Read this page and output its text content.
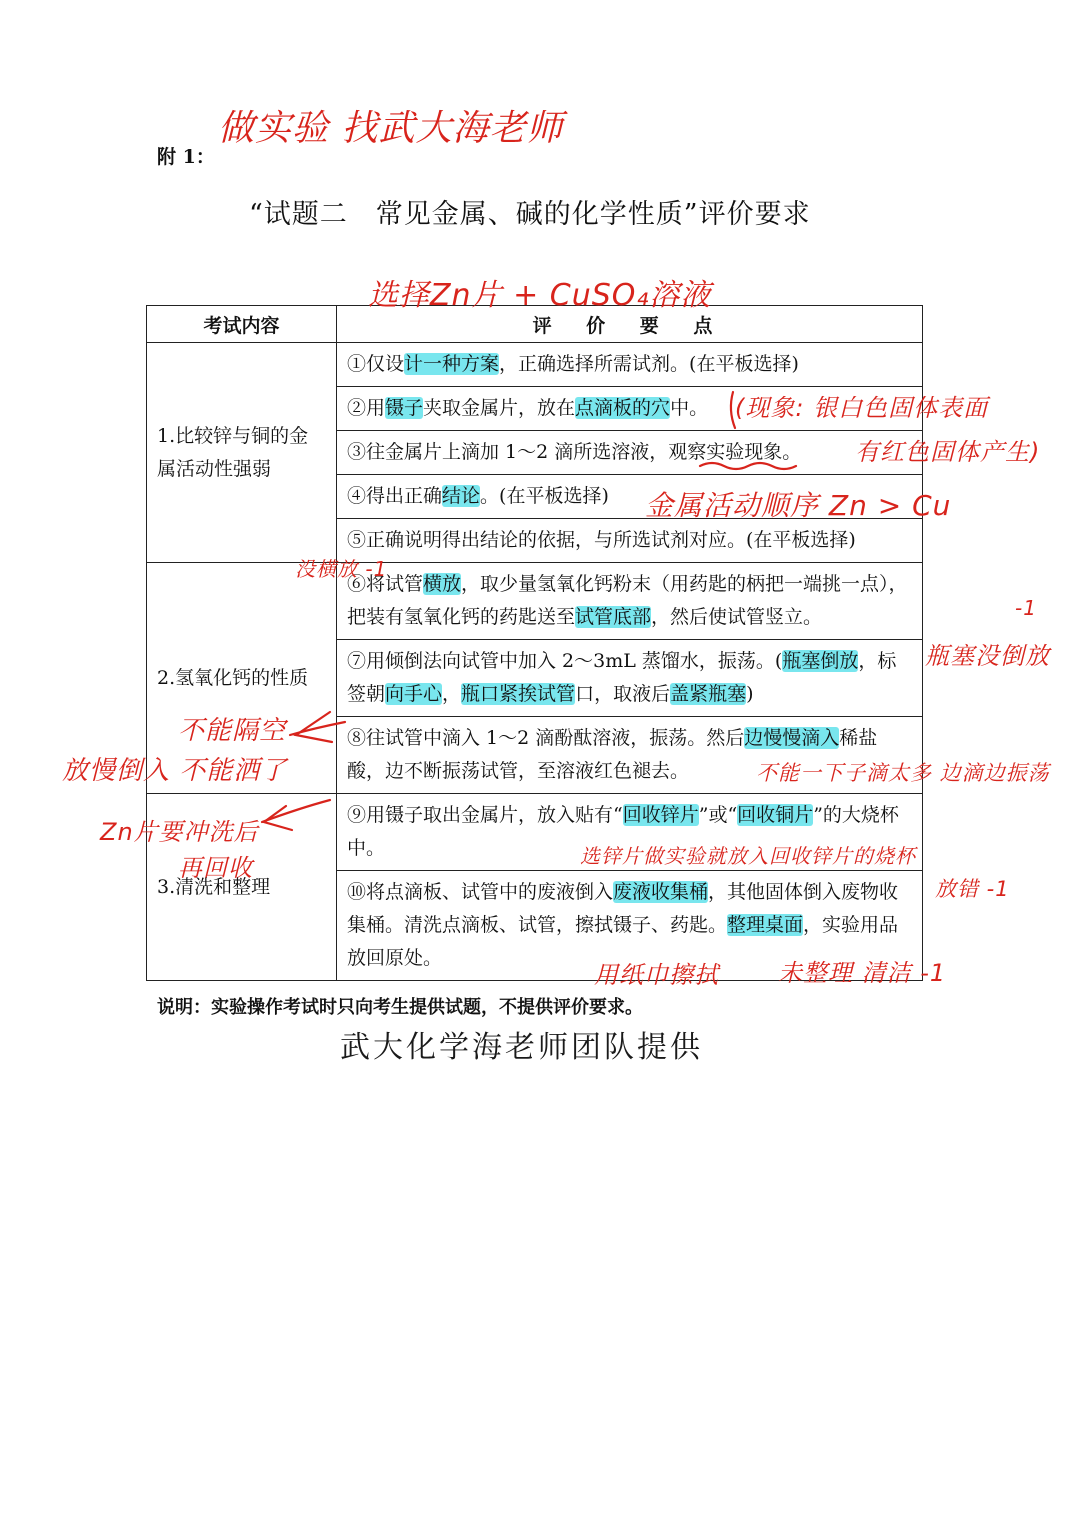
附 1：
“试题二　常见金属、碱的化学性质”评价要求
考试内容	评 价 要 点
1.比较锌与铜的金属活动性强弱	①仅设计一种方案，正确选择所需试剂。(在平板选择)
	②用镊子夹取金属片，放在点滴板的穴中。
	③往金属片上滴加 1～2 滴所选溶液，观察实验现象。
	④得出正确结论。(在平板选择)
	⑤正确说明得出结论的依据，与所选试剂对应。(在平板选择)
2.氢氧化钙的性质	⑥将试管横放，取少量氢氧化钙粉末（用药匙的柄把一端挑一点），把装有氢氧化钙的药匙送至试管底部，然后使试管竖立。
	⑦用倾倒法向试管中加入 2～3mL 蒸馏水，振荡。(瓶塞倒放，标签朝向手心，瓶口紧挨试管口，取液后盖紧瓶塞)
	⑧往试管中滴入 1～2 滴酚酞溶液，振荡。然后边慢慢滴入稀盐酸，边不断振荡试管，至溶液红色褪去。
3.清洗和整理	⑨用镊子取出金属片，放入贴有“回收锌片”或“回收铜片”的大烧杯中。
	⑩将点滴板、试管中的废液倒入废液收集桶，其他固体倒入废物收集桶。清洗点滴板、试管，擦拭镊子、药匙。整理桌面，实验用品放回原处。
说明：实验操作考试时只向考生提供试题，不提供评价要求。
武大化学海老师团队提供
做实验 找武大海老师
选择Zn片 + CuSO₄溶液
(现象: 银白色固体表面
有红色固体产生)
金属活动顺序 Zn > Cu
没横放 -1
-1
瓶塞没倒放
不能隔空
放慢倒入 不能洒了	不能一下子滴太多 边滴边振荡
Zn片要冲洗后
再回收	选锌片做实验就放入回收锌片的烧杯
放错 -1
用纸巾擦拭 未整理 清洁 -1
